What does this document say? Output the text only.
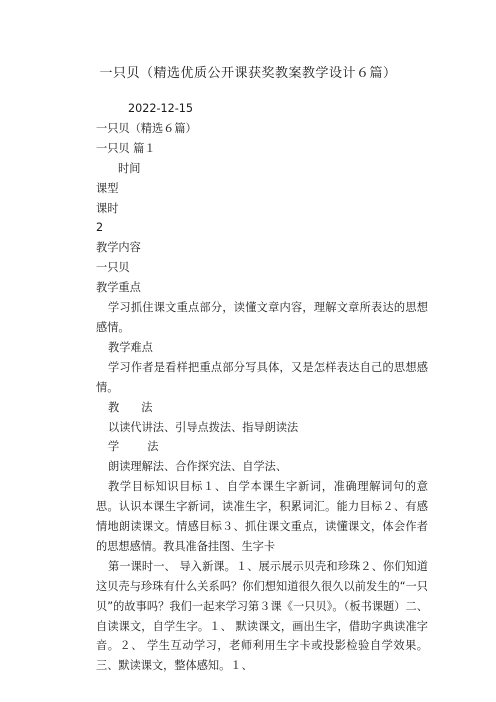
一只贝（精选优质公开课获奖教案教学设计６篇）

2022-12-15

一只贝（精选６篇）

一只贝 篇１

时间

课型

课时

2

教学内容

一只贝

教学重点

学习抓住课文重点部分，读懂文章内容，理解文章所表达的思想感情。

教学难点

学习作者是看样把重点部分写具体，又是怎样表达自己的思想感情。

教法

以读代讲法、引导点拨法、指导朗读法

学法

朗读理解法、合作探究法、自学法、

教学目标知识目标１、自学本课生字新词，准确理解词句的意思。认识本课生字新词，读准生字，积累词汇。能力目标２、有感情地朗读课文。情感目标３、抓住课文重点，读懂课文，体会作者的思想感情。教具准备挂图、生字卡

第一课时一、 导入新课。１、展示展示贝壳和珍珠２、你们知道这贝壳与珍珠有什么关系吗？你们想知道很久很久以前发生的“一只贝”的故事吗？我们一起来学习第３课《一只贝》。（板书课题）二、自读课文，自学生字。１、 默读课文，画出生字，借助字典读准字音。２、 学生互动学习，老师利用生字卡或投影检验自学效果。三、默读课文，整体感知。１、
